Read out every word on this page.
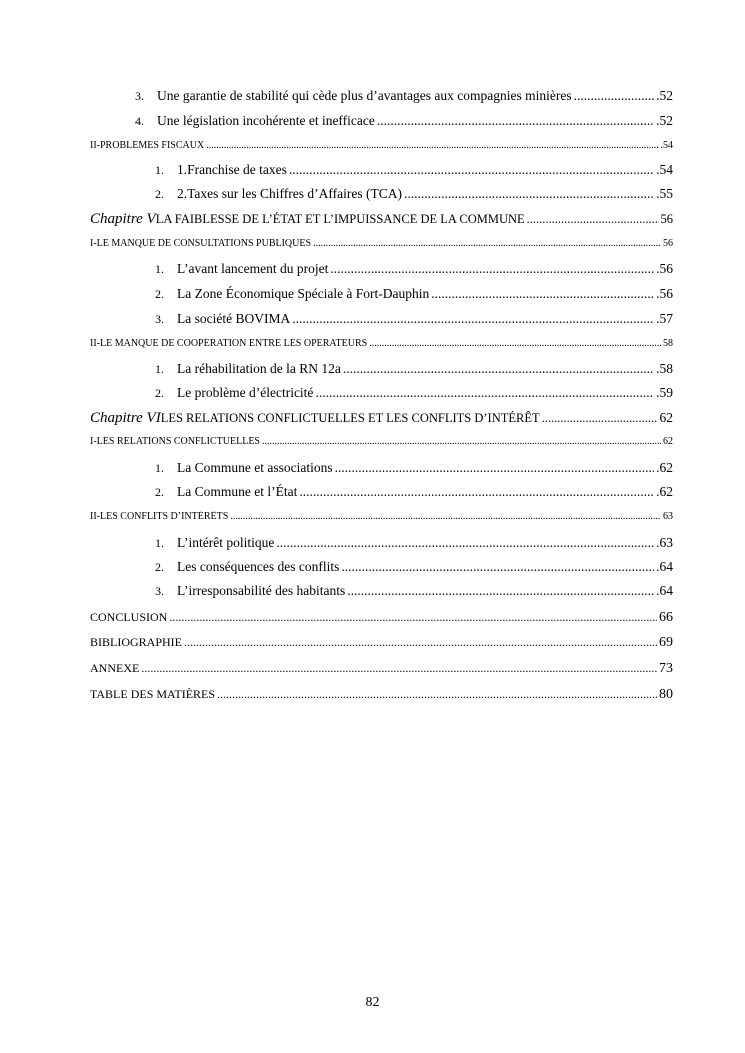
3. Une garantie de stabilité qui cède plus d’avantages aux compagnies minières .....	.52
4. Une législation incohérente et inefficace .....	.52
II-PROBLÈMES FISCAUX .....	.54
1. 1.Franchise de taxes .....	.54
2. 2.Taxes sur les Chiffres d’Affaires (TCA) .....	.55
Chapitre V LA FAIBLESSE DE L’ÉTAT ET L’IMPUISSANCE DE LA COMMUNE .....	56
I-LE MANQUE DE CONSULTATIONS PUBLIQUES .....	56
1. L’avant lancement du projet .....	.56
2. La Zone Économique Spéciale à Fort-Dauphin .....	.56
3. La société BOVIMA .....	.57
II-LE MANQUE DE COOPÉRATION ENTRE LES OPERATEURS .....	58
1. La réhabilitation de la RN 12a .....	.58
2. Le problème d’électricité .....	.59
Chapitre VI LES RELATIONS CONFLICTUELLES ET LES CONFLITS D’INTÉRÊT .....	62
I-LES RELATIONS CONFLICTUELLES .....	62
1. La Commune et associations .....	.62
2. La Commune et l’État .....	.62
II-LES CONFLITS D’INTÉRÊTS .....	63
1. L’intérêt politique .....	.63
2. Les conséquences des conflits .....	.64
3. L’irresponsabilité des habitants .....	.64
CONCLUSION .....	66
BIBLIOGRAPHIE .....	69
ANNEXE .....	73
TABLE DES MATIÈRES .....	80
82
